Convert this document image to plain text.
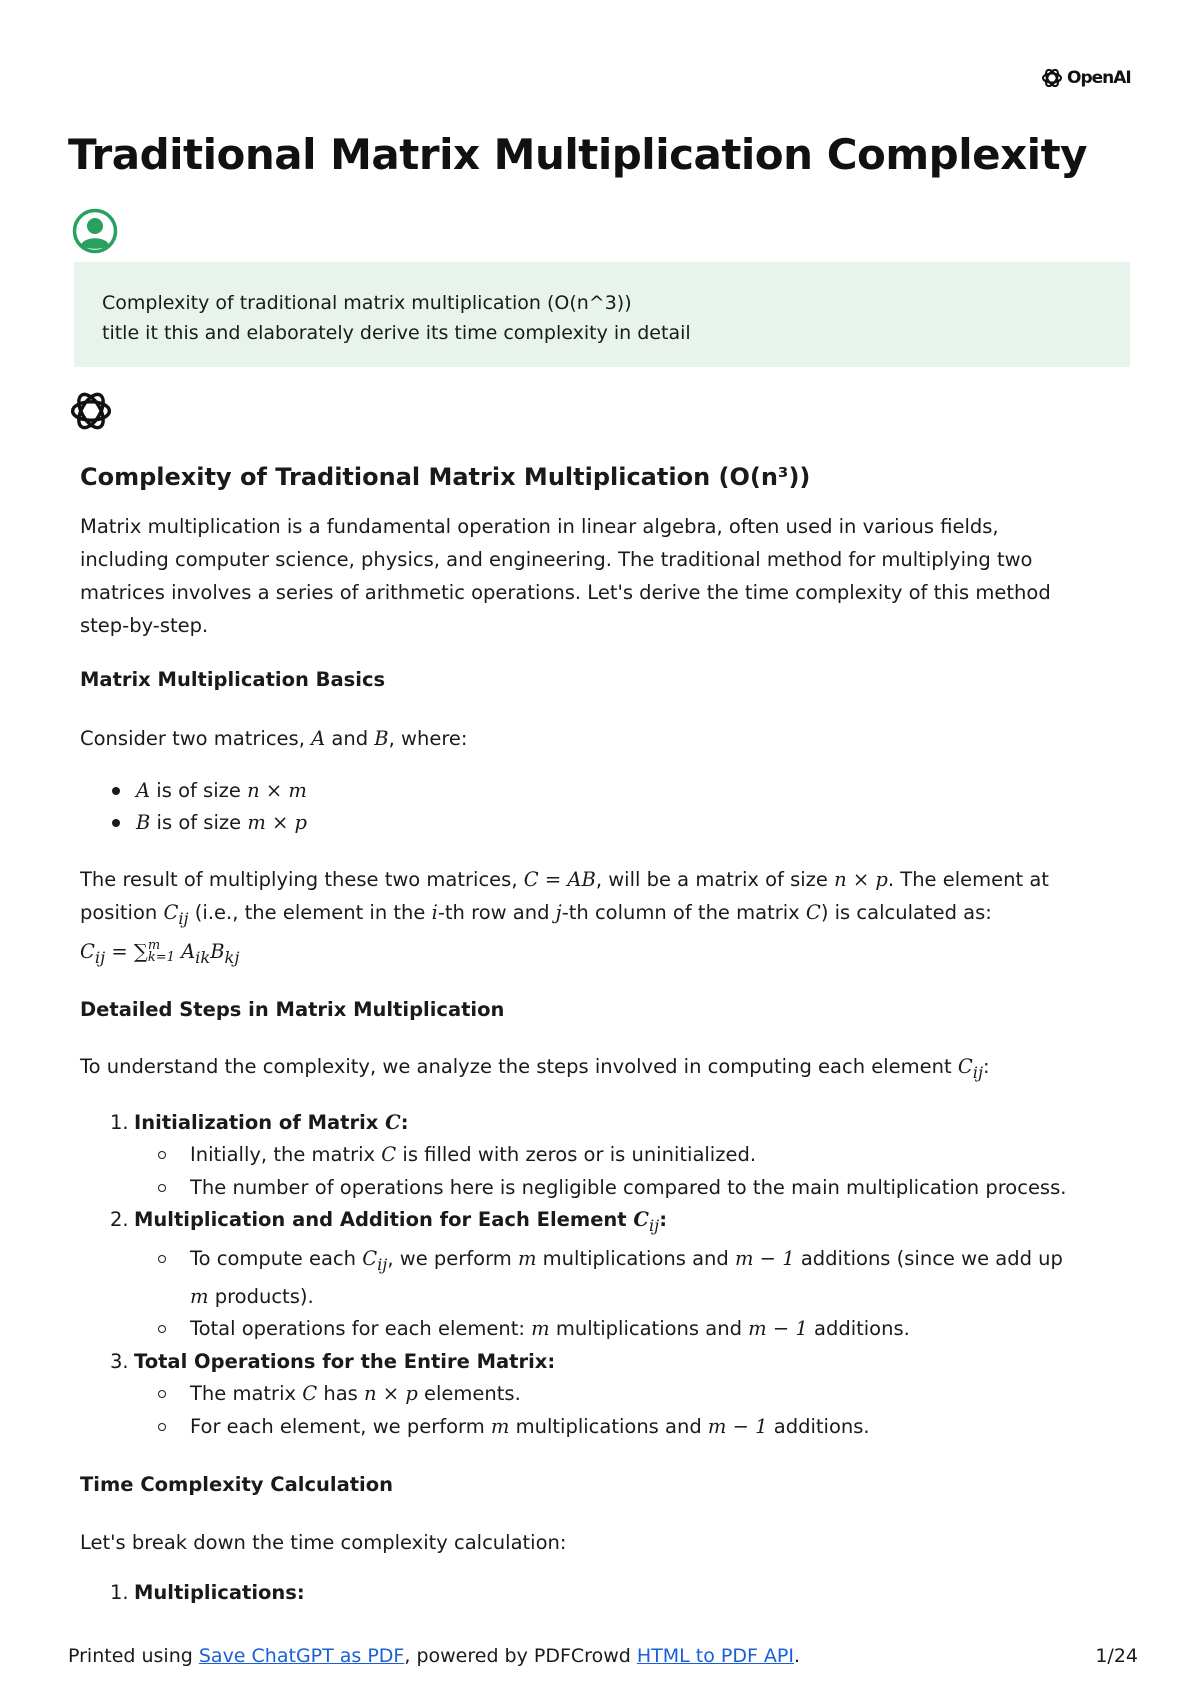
OpenAI
Traditional Matrix Multiplication Complexity
Complexity of traditional matrix multiplication (O(n^3))
title it this and elaborately derive its time complexity in detail

Complexity of Traditional Matrix Multiplication (O(n³))

Matrix multiplication is a fundamental operation in linear algebra, often used in various fields,

including computer science, physics, and engineering. The traditional method for multiplying two

matrices involves a series of arithmetic operations. Let's derive the time complexity of this method

step-by-step.

Matrix Multiplication Basics

Consider two matrices, A and B, where:

A is of size n × m
B is of size m × p

The result of multiplying these two matrices, C = AB, will be a matrix of size n × p. The element at

position $C_{ij}$ (i.e., the element in the i-th row and j-th column of the matrix C) is calculated as:

$C_{ij}$ = ∑ m
k=1 $A_{ik}B_{kj}$

Detailed Steps in Matrix Multiplication

To understand the complexity, we analyze the steps involved in computing each element $C_{ij}$:

1. Initialization of Matrix C:
Initially, the matrix C is filled with zeros or is uninitialized.
The number of operations here is negligible compared to the main multiplication process.
2. Multiplication and Addition for Each Element $C_{ij}$:
To compute each $C_{ij}$, we perform m multiplications and m − 1 additions (since we add up
m products).
Total operations for each element: m multiplications and m − 1 additions.
3. Total Operations for the Entire Matrix:
The matrix C has n × p elements.
For each element, we perform m multiplications and m − 1 additions.

Time Complexity Calculation

Let's break down the time complexity calculation:

1. Multiplications:
Printed using Save ChatGPT as PDF, powered by PDFCrowd HTML to PDF API.	1/24
